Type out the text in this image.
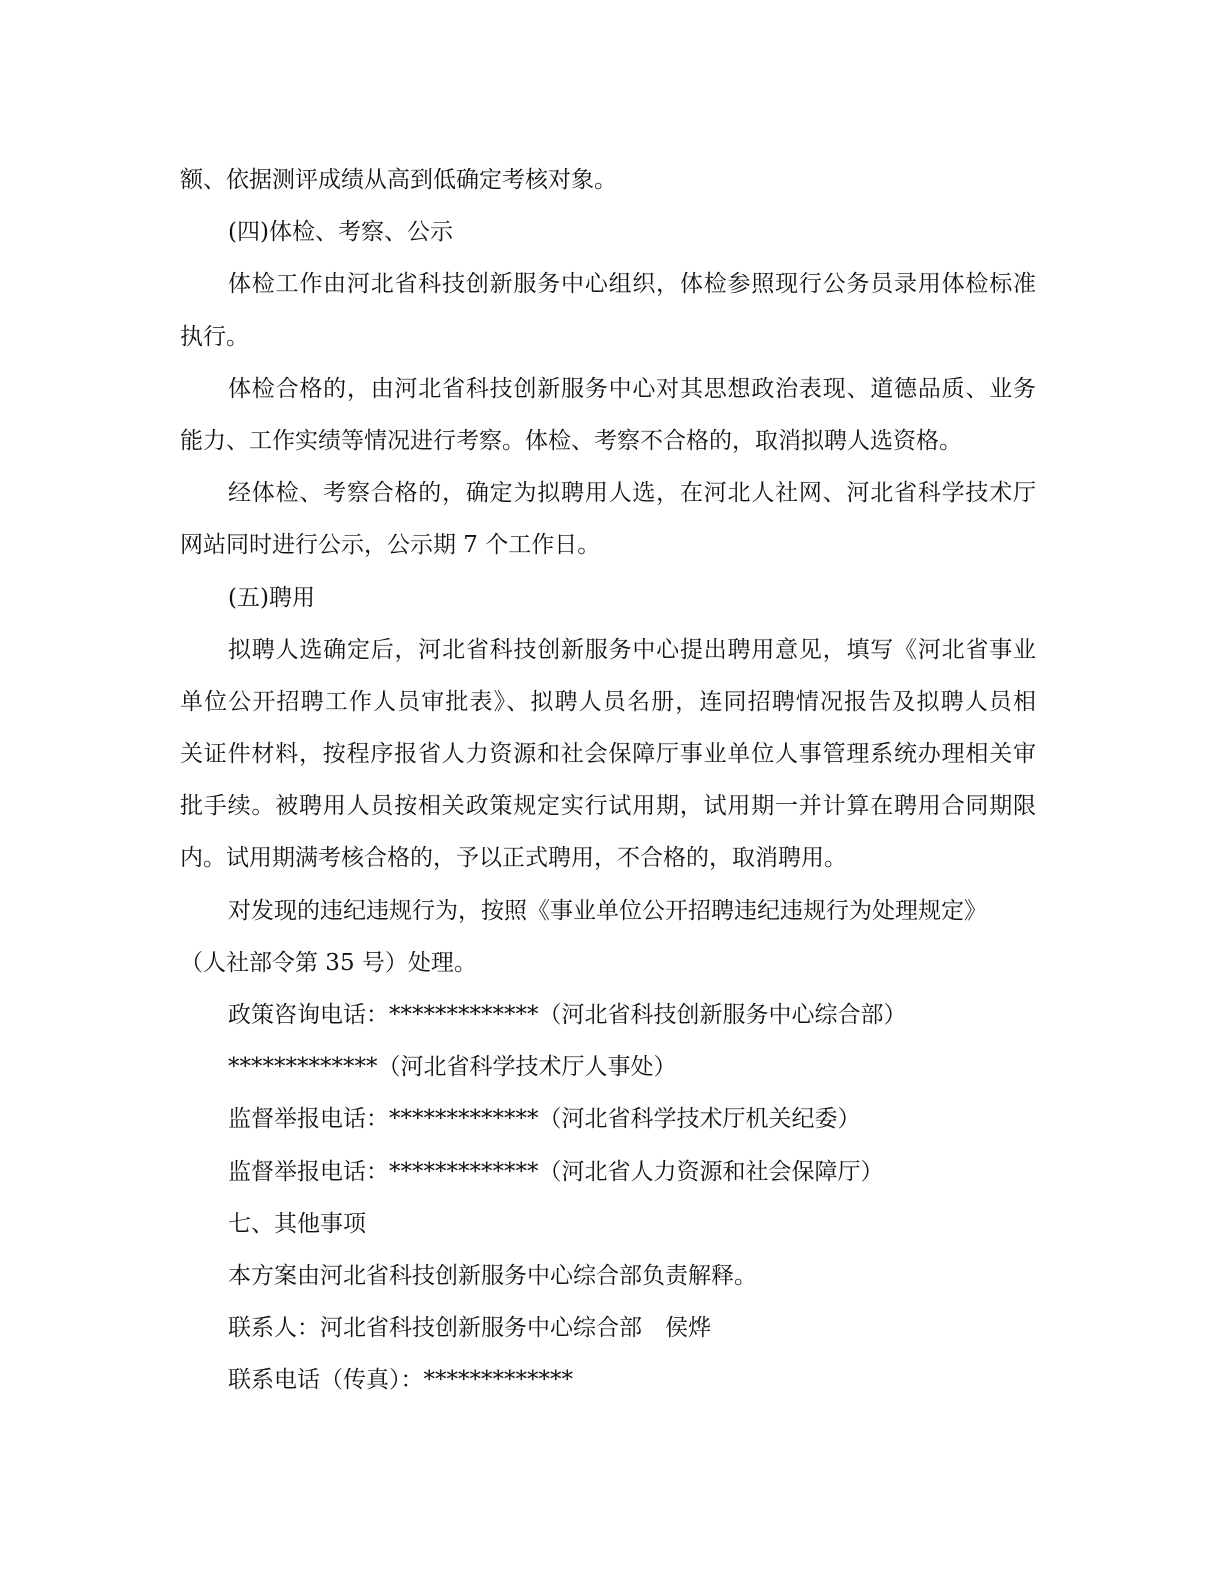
额、依据测评成绩从高到低确定考核对象。
(四)体检、考察、公示
体检工作由河北省科技创新服务中心组织，体检参照现行公务员录用体检标准
执行。
体检合格的，由河北省科技创新服务中心对其思想政治表现、道德品质、业务
能力、工作实绩等情况进行考察。体检、考察不合格的，取消拟聘人选资格。
经体检、考察合格的，确定为拟聘用人选，在河北人社网、河北省科学技术厅
网站同时进行公示，公示期 7 个工作日。
(五)聘用
拟聘人选确定后，河北省科技创新服务中心提出聘用意见，填写《河北省事业
单位公开招聘工作人员审批表》、拟聘人员名册，连同招聘情况报告及拟聘人员相
关证件材料，按程序报省人力资源和社会保障厅事业单位人事管理系统办理相关审
批手续。被聘用人员按相关政策规定实行试用期，试用期一并计算在聘用合同期限
内。试用期满考核合格的，予以正式聘用，不合格的，取消聘用。
对发现的违纪违规行为，按照《事业单位公开招聘违纪违规行为处理规定》
（人社部令第 35 号）处理。
政策咨询电话：*************（河北省科技创新服务中心综合部）
*************（河北省科学技术厅人事处）
监督举报电话：*************（河北省科学技术厅机关纪委）
监督举报电话：*************（河北省人力资源和社会保障厅）
七、其他事项
本方案由河北省科技创新服务中心综合部负责解释。
联系人：河北省科技创新服务中心综合部　侯烨
联系电话（传真）：*************
